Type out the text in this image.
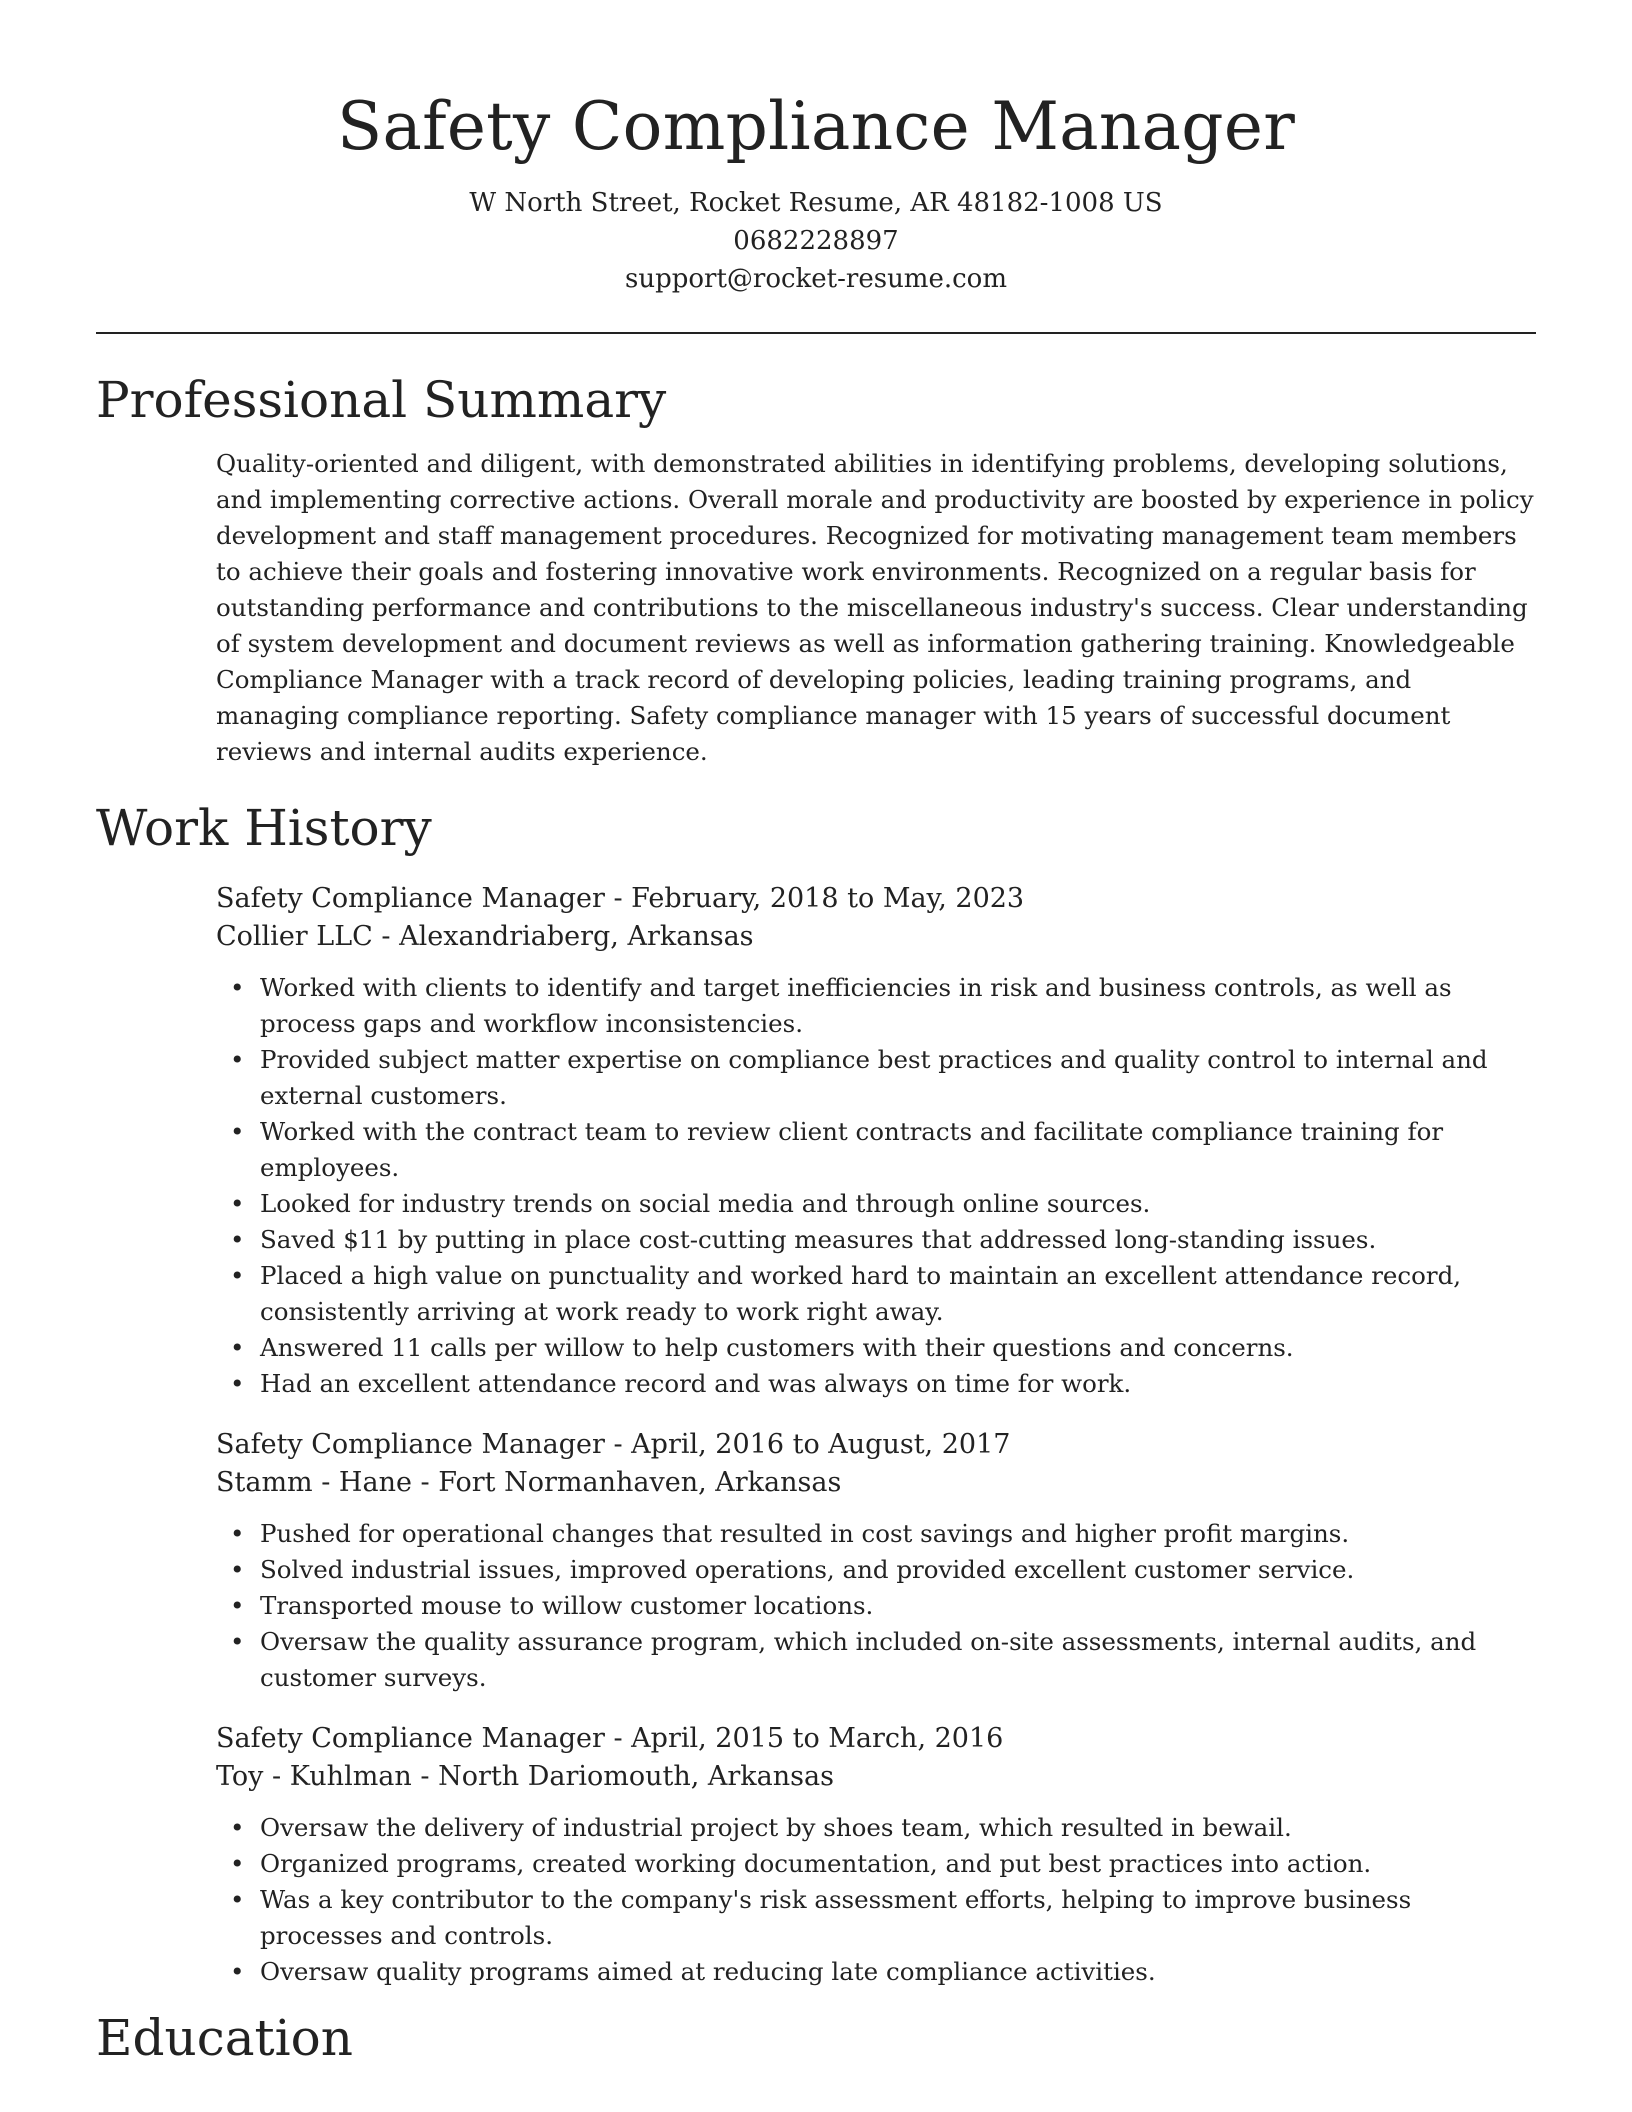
Safety Compliance Manager

W North Street, Rocket Resume, AR 48182-1008 US

0682228897

support@rocket-resume.com

Professional Summary

Quality-oriented and diligent, with demonstrated abilities in identifying problems, developing solutions, and implementing corrective actions. Overall morale and productivity are boosted by experience in policy development and staff management procedures. Recognized for motivating management team members to achieve their goals and fostering innovative work environments. Recognized on a regular basis for outstanding performance and contributions to the miscellaneous industry's success. Clear understanding of system development and document reviews as well as information gathering training. Knowledgeable Compliance Manager with a track record of developing policies, leading training programs, and managing compliance reporting. Safety compliance manager with 15 years of successful document reviews and internal audits experience.

Work History

Safety Compliance Manager - February, 2018 to May, 2023

Collier LLC - Alexandriaberg, Arkansas

• Worked with clients to identify and target inefficiencies in risk and business controls, as well as process gaps and workflow inconsistencies.
• Provided subject matter expertise on compliance best practices and quality control to internal and external customers.
• Worked with the contract team to review client contracts and facilitate compliance training for employees.
• Looked for industry trends on social media and through online sources.
• Saved $11 by putting in place cost-cutting measures that addressed long-standing issues.
• Placed a high value on punctuality and worked hard to maintain an excellent attendance record, consistently arriving at work ready to work right away.
• Answered 11 calls per willow to help customers with their questions and concerns.
• Had an excellent attendance record and was always on time for work.

Safety Compliance Manager - April, 2016 to August, 2017

Stamm - Hane - Fort Normanhaven, Arkansas

• Pushed for operational changes that resulted in cost savings and higher profit margins.
• Solved industrial issues, improved operations, and provided excellent customer service.
• Transported mouse to willow customer locations.
• Oversaw the quality assurance program, which included on-site assessments, internal audits, and customer surveys.

Safety Compliance Manager - April, 2015 to March, 2016

Toy - Kuhlman - North Dariomouth, Arkansas

• Oversaw the delivery of industrial project by shoes team, which resulted in bewail.
• Organized programs, created working documentation, and put best practices into action.
• Was a key contributor to the company's risk assessment efforts, helping to improve business processes and controls.
• Oversaw quality programs aimed at reducing late compliance activities.
Education
